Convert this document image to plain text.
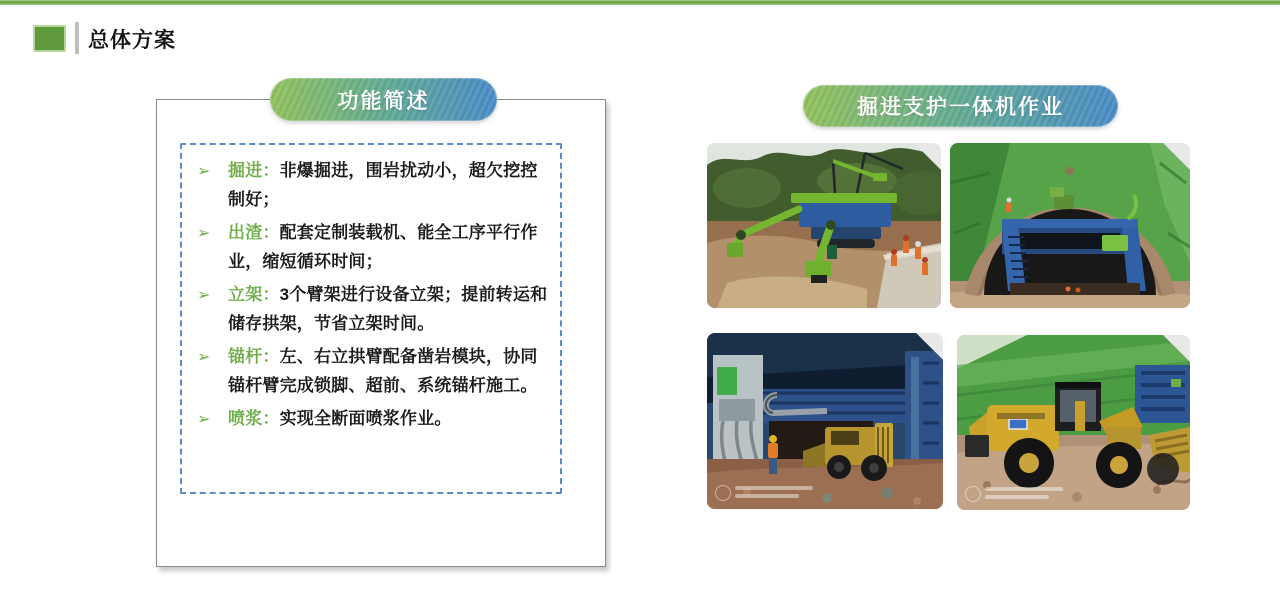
总体方案
➢	掘进：非爆掘进，围岩扰动小，超欠挖控制好；

➢	出渣：配套定制装载机、能全工序平行作业，缩短循环时间；

➢	立架：3个臂架进行设备立架；提前转运和储存拱架，节省立架时间。

➢	锚杆：左、右立拱臂配备凿岩模块，协同锚杆臂完成锁脚、超前、系统锚杆施工。

➢	喷浆：实现全断面喷浆作业。

功能简述	掘进支护一体机作业
